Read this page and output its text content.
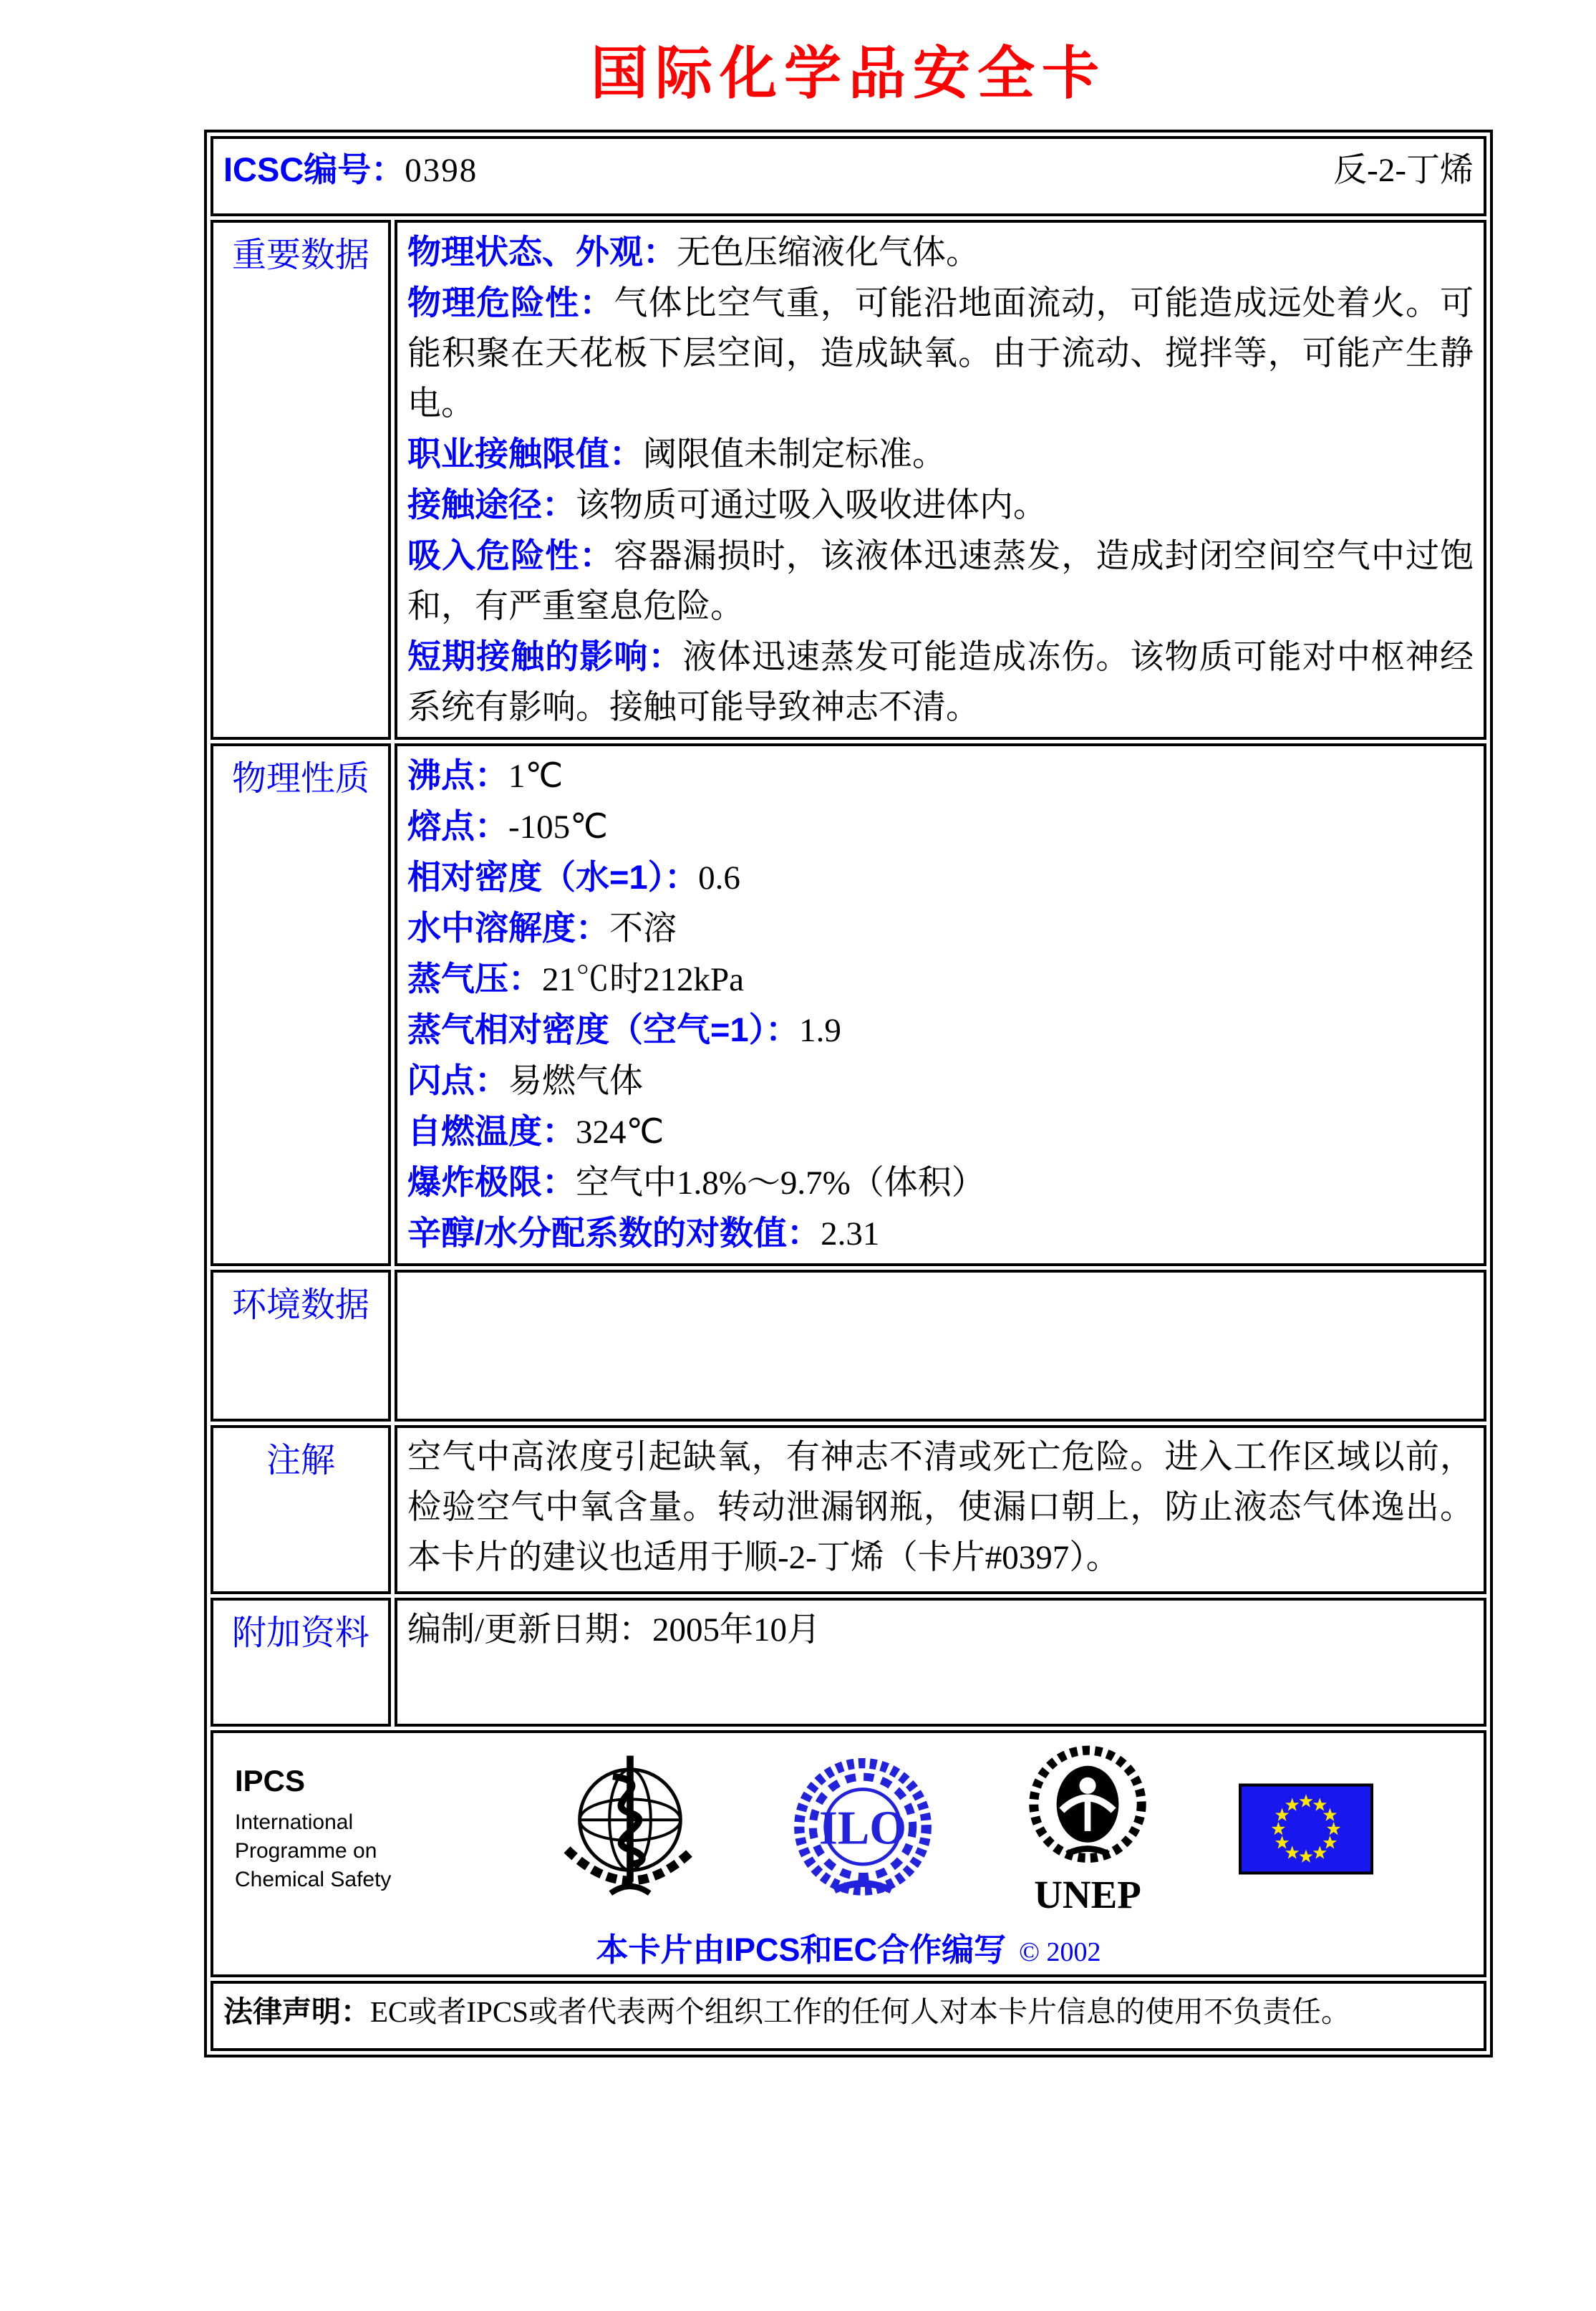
国际化学品安全卡
ICSC编号：0398 反-2-丁烯	

重要数据	物理状态、外观：无色压缩液化气体。
物理危险性：气体比空气重，可能沿地面流动，可能造成远处着火。可能积聚在天花板下层空间，造成缺氧。由于流动、搅拌等，可能产生静电。
职业接触限值：阈限值未制定标准。
接触途径：该物质可通过吸入吸收进体内。
吸入危险性：容器漏损时，该液体迅速蒸发，造成封闭空间空气中过饱和，有严重窒息危险。
短期接触的影响：液体迅速蒸发可能造成冻伤。该物质可能对中枢神经系统有影响。接触可能导致神志不清。

物理性质	沸点：1℃
熔点：-105℃
相对密度（水=1）：0.6
水中溶解度：不溶
蒸气压：21℃时212kPa
蒸气相对密度（空气=1）：1.9
闪点：易燃气体
自燃温度：324℃
爆炸极限：空气中1.8%～9.7%（体积）
辛醇/水分配系数的对数值：2.31

环境数据	
注解	空气中高浓度引起缺氧，有神志不清或死亡危险。进入工作区域以前，检验空气中氧含量。转动泄漏钢瓶，使漏口朝上，防止液态气体逸出。本卡片的建议也适用于顺-2-丁烯（卡片#0397）。

附加资料	编制/更新日期：2005年10月

IPCS
International
Programme on
Chemical Safety
ILO
UNEP
本卡片由IPCS和EC合作编写 © 2002

法律声明：EC或者IPCS或者代表两个组织工作的任何人对本卡片信息的使用不负责任。	
